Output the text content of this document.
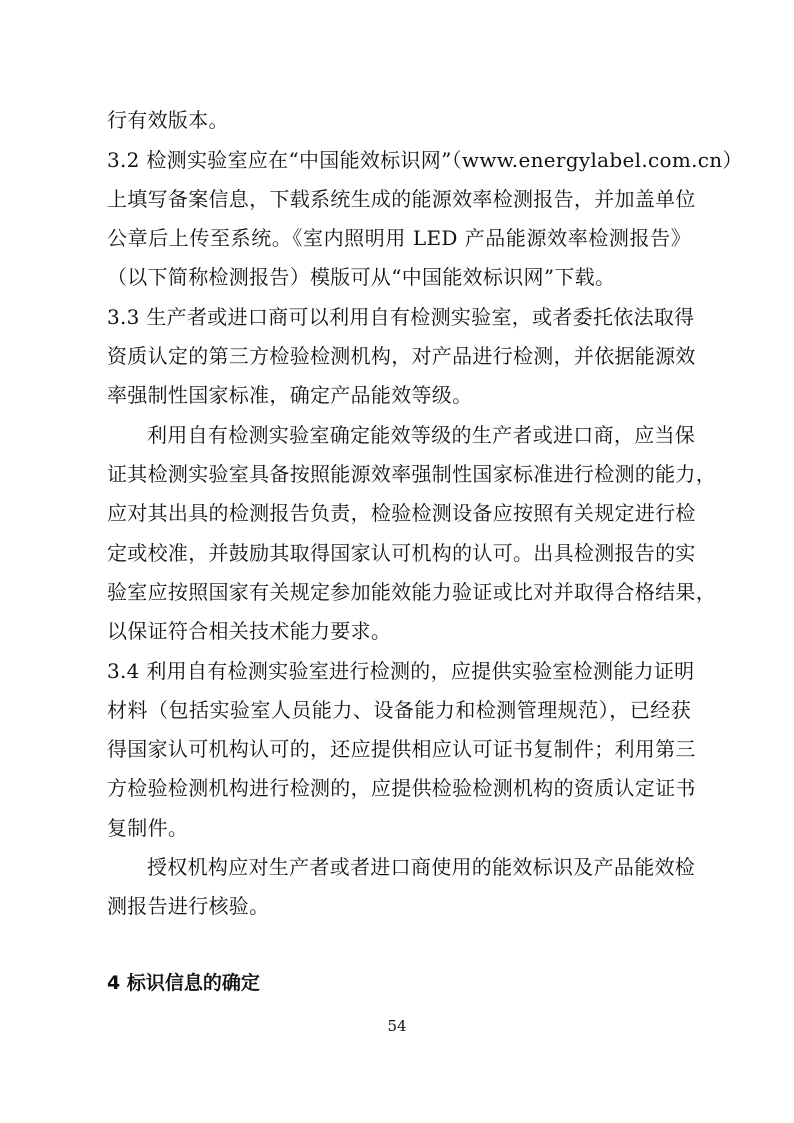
行有效版本。
3.2 检测实验室应在“中国能效标识网”（www.energylabel.com.cn）
上填写备案信息，下载系统生成的能源效率检测报告，并加盖单位
公章后上传至系统。《室内照明用 LED 产品能源效率检测报告》
（以下简称检测报告）模版可从“中国能效标识网”下载。
3.3 生产者或进口商可以利用自有检测实验室，或者委托依法取得
资质认定的第三方检验检测机构，对产品进行检测，并依据能源效
率强制性国家标准，确定产品能效等级。
利用自有检测实验室确定能效等级的生产者或进口商，应当保
证其检测实验室具备按照能源效率强制性国家标准进行检测的能力，
应对其出具的检测报告负责，检验检测设备应按照有关规定进行检
定或校准，并鼓励其取得国家认可机构的认可。出具检测报告的实
验室应按照国家有关规定参加能效能力验证或比对并取得合格结果，
以保证符合相关技术能力要求。
3.4 利用自有检测实验室进行检测的，应提供实验室检测能力证明
材料（包括实验室人员能力、设备能力和检测管理规范），已经获
得国家认可机构认可的，还应提供相应认可证书复制件；利用第三
方检验检测机构进行检测的，应提供检验检测机构的资质认定证书
复制件。
授权机构应对生产者或者进口商使用的能效标识及产品能效检
测报告进行核验。
4 标识信息的确定
54
